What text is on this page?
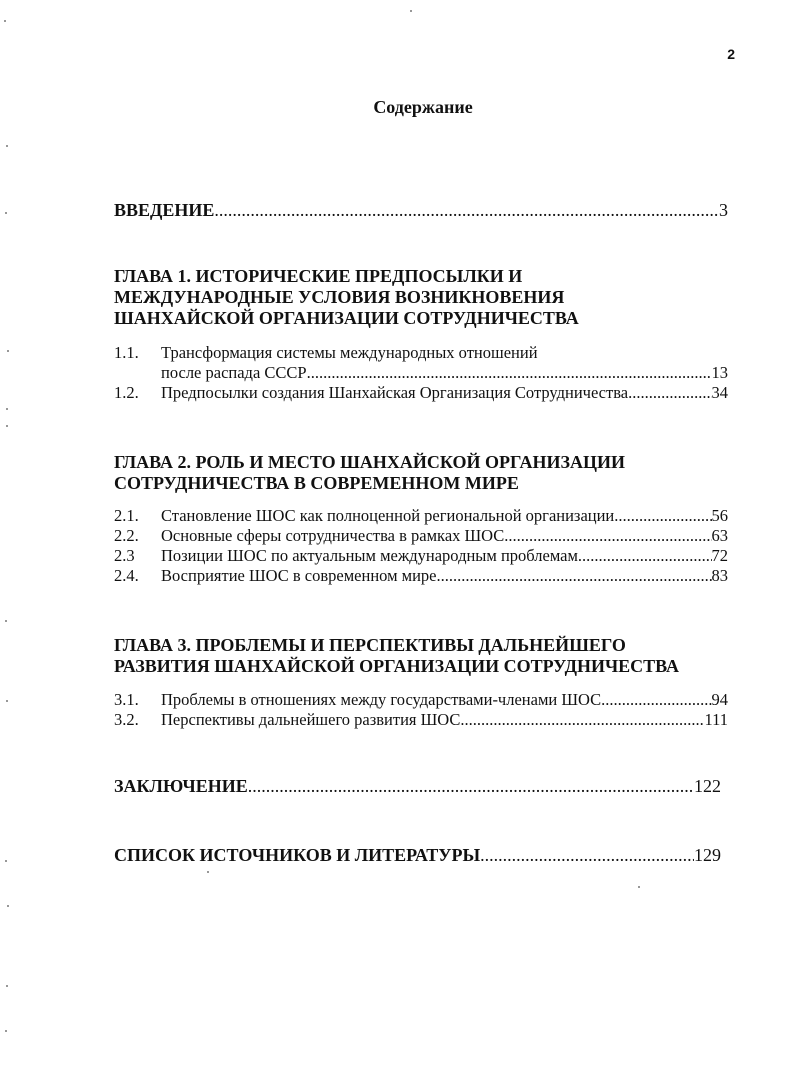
2
Содержание
ВВЕДЕНИЕ .....	3
ГЛАВА 1. ИСТОРИЧЕСКИЕ ПРЕДПОСЫЛКИ И
МЕЖДУНАРОДНЫЕ УСЛОВИЯ ВОЗНИКНОВЕНИЯ
ШАНХАЙСКОЙ ОРГАНИЗАЦИИ СОТРУДНИЧЕСТВА
1.1.	Трансформация системы международных отношений
после распада СССР .....	13
1.2.	Предпосылки создания Шанхайская Организация Сотрудничества .....	34
ГЛАВА 2. РОЛЬ И МЕСТО ШАНХАЙСКОЙ ОРГАНИЗАЦИИ
СОТРУДНИЧЕСТВА В СОВРЕМЕННОМ МИРЕ
2.1.	Становление ШОС как полноценной региональной организации .....	56
2.2.	Основные сферы сотрудничества в рамках ШОС .....	63
2.3	Позиции ШОС по актуальным международным проблемам .....	72
2.4.	Восприятие ШОС в современном мире .....	83
ГЛАВА 3. ПРОБЛЕМЫ И ПЕРСПЕКТИВЫ ДАЛЬНЕЙШЕГО
РАЗВИТИЯ ШАНХАЙСКОЙ ОРГАНИЗАЦИИ СОТРУДНИЧЕСТВА
3.1.	Проблемы в отношениях между государствами-членами ШОС .....	94
3.2.	Перспективы дальнейшего развития ШОС .....	111
ЗАКЛЮЧЕНИЕ .....	122
СПИСОК ИСТОЧНИКОВ И ЛИТЕРАТУРЫ .....	129
